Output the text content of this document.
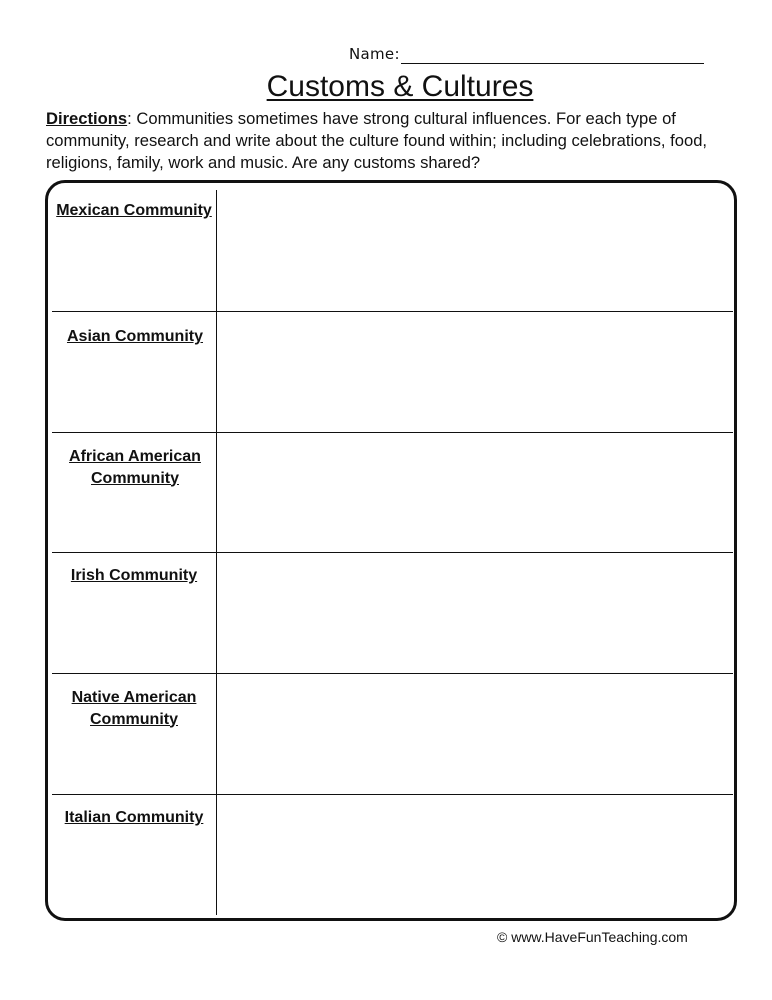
Name:
Customs & Cultures
Directions: Communities sometimes have strong cultural influences. For each type of community, research and write about the culture found within; including celebrations, food, religions, family, work and music. Are any customs shared?
Mexican Community
Asian Community
African American Community
Irish Community
Native American Community
Italian Community
© www.HaveFunTeaching.com
